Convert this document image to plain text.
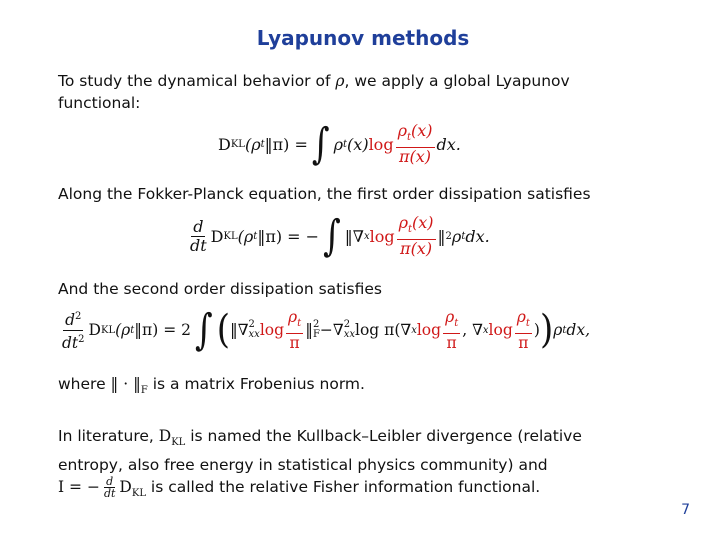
Lyapunov methods
To study the dynamical behavior of ρ, we apply a global Lyapunov
functional:
D KL (ρ t ‖π) = ∫ ρ t (x) $\log \frac{\rho_t(x)}{\pi(x)}$ dx.
Along the Fokker-Planck equation, the first order dissipation satisfies
$\frac{d}{dt}$ D KL (ρ t ‖π) = − ∫ ‖∇ x $\log \frac{\rho_t(x)}{\pi(x)}$ ‖ 2 ρ t dx.
And the second order dissipation satisfies
$\frac{d^2}{dt^2}$ D KL (ρ t ‖π) = 2 ∫ ( ‖∇ 2
xx $\log \frac{\rho_t}{\pi}$ ‖ 2
F −∇ 2
xx log π(∇ x $\log \frac{\rho_t}{\pi}$ , ∇ x $\log \frac{\rho_t}{\pi}$ ) ) ρ t dx,
where ‖ · $‖_F$ is a matrix Frobenius norm.
In literature, $D_{KL}$ is named the Kullback–Leibler divergence (relative
entropy, also free energy in statistical physics community) and
I = − $\frac{d}{dt} D_{KL}$ is called the relative Fisher information functional.
7
